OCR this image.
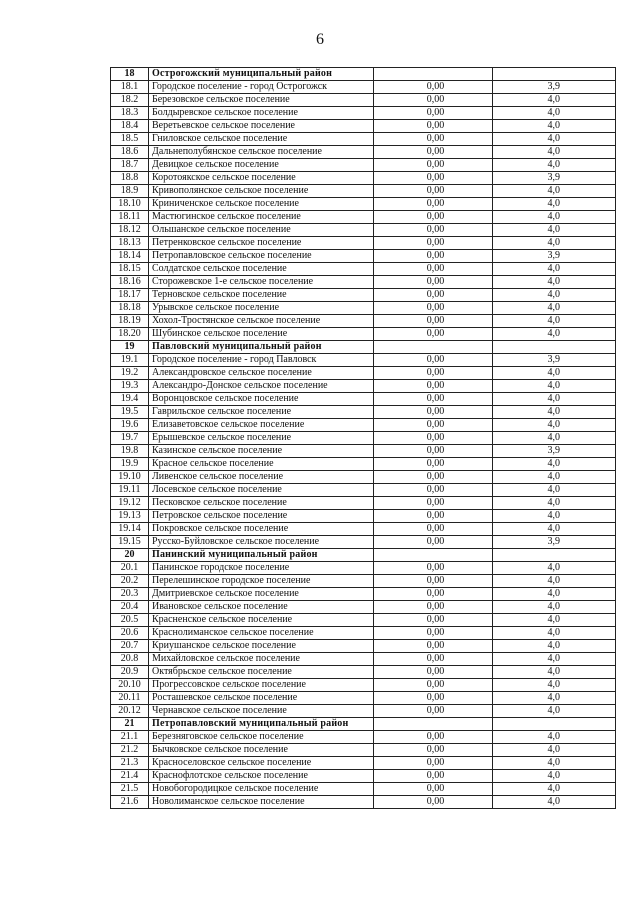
6
18	Острогожский муниципальный район		
18.1	Городское поселение - город Острогожск	0,00	3,9
18.2	Березовское сельское поселение	0,00	4,0
18.3	Болдыревское сельское поселение	0,00	4,0
18.4	Веретьевское сельское поселение	0,00	4,0
18.5	Гниловское сельское поселение	0,00	4,0
18.6	Дальнеполубянское сельское поселение	0,00	4,0
18.7	Девицкое сельское поселение	0,00	4,0
18.8	Коротоякское сельское поселение	0,00	3,9
18.9	Кривополянское сельское поселение	0,00	4,0
18.10	Криниченское сельское поселение	0,00	4,0
18.11	Мастюгинское сельское поселение	0,00	4,0
18.12	Ольшанское сельское поселение	0,00	4,0
18.13	Петренковское сельское поселение	0,00	4,0
18.14	Петропавловское сельское поселение	0,00	3,9
18.15	Солдатское сельское поселение	0,00	4,0
18.16	Сторожевское 1-е сельское поселение	0,00	4,0
18.17	Терновское сельское поселение	0,00	4,0
18.18	Урывское сельское поселение	0,00	4,0
18.19	Хохол-Тростянское сельское поселение	0,00	4,0
18.20	Шубинское сельское поселение	0,00	4,0
19	Павловский муниципальный район		
19.1	Городское поселение - город Павловск	0,00	3,9
19.2	Александровское сельское поселение	0,00	4,0
19.3	Александро-Донское сельское поселение	0,00	4,0
19.4	Воронцовское сельское поселение	0,00	4,0
19.5	Гаврильское сельское поселение	0,00	4,0
19.6	Елизаветовское сельское поселение	0,00	4,0
19.7	Ерышевское сельское поселение	0,00	4,0
19.8	Казинское сельское поселение	0,00	3,9
19.9	Красное сельское поселение	0,00	4,0
19.10	Ливенское сельское поселение	0,00	4,0
19.11	Лосевское сельское поселение	0,00	4,0
19.12	Песковское сельское поселение	0,00	4,0
19.13	Петровское сельское поселение	0,00	4,0
19.14	Покровское сельское поселение	0,00	4,0
19.15	Русско-Буйловское сельское поселение	0,00	3,9
20	Панинский муниципальный район		
20.1	Панинское городское поселение	0,00	4,0
20.2	Перелешинское городское поселение	0,00	4,0
20.3	Дмитриевское сельское поселение	0,00	4,0
20.4	Ивановское сельское поселение	0,00	4,0
20.5	Красненское сельское поселение	0,00	4,0
20.6	Краснолиманское сельское поселение	0,00	4,0
20.7	Криушанское сельское поселение	0,00	4,0
20.8	Михайловское сельское поселение	0,00	4,0
20.9	Октябрьское сельское поселение	0,00	4,0
20.10	Прогрессовское сельское поселение	0,00	4,0
20.11	Росташевское сельское поселение	0,00	4,0
20.12	Чернавское сельское поселение	0,00	4,0
21	Петропавловский муниципальный район		
21.1	Березняговское сельское поселение	0,00	4,0
21.2	Бычковское сельское поселение	0,00	4,0
21.3	Красноселовское сельское поселение	0,00	4,0
21.4	Краснофлотское сельское поселение	0,00	4,0
21.5	Новобогородицкое сельское поселение	0,00	4,0
21.6	Новолиманское сельское поселение	0,00	4,0
